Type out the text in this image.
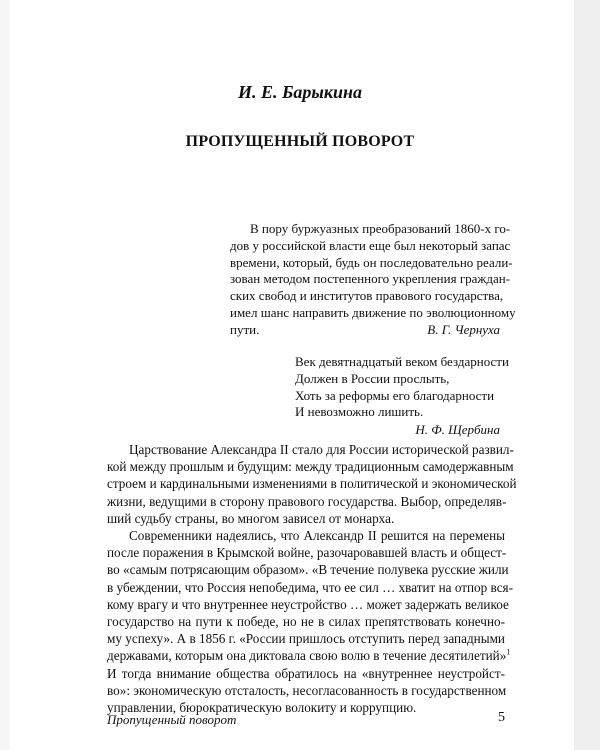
И. Е. Барыкина
ПРОПУЩЕННЫЙ ПОВОРОТ
В пору буржуазных преобразований 1860-х го-
дов у российской власти еще был некоторый запас
времени, который, будь он последовательно реали-
зован методом постепенного укрепления граждан-
ских свобод и институтов правового государства,
имел шанс направить движение по эволюционному
пути.	В. Г. Чернуха
Век девятнадцатый веком бездарности
Должен в России прослыть,
Хоть за реформы его благодарности
И невозможно лишить.
Н. Ф. Щербина
Царствование Александра II стало для России исторической развил-
кой между прошлым и будущим: между традиционным самодержавным
строем и кардинальными изменениями в политической и экономической
жизни, ведущими в сторону правового государства. Выбор, определяв-
ший судьбу страны, во многом зависел от монарха.
Современники надеялись, что Александр II решится на перемены
после поражения в Крымской войне, разочаровавшей власть и общест-
во «самым потрясающим образом». «В течение полувека русские жили
в убеждении, что Россия непобедима, что ее сил … хватит на отпор вся-
кому врагу и что внутреннее неустройство … может задержать великое
государство на пути к победе, но не в силах препятствовать конечно-
му успеху». А в 1856 г. «России пришлось отступить перед западными
державами, которым она диктовала свою волю в течение десятилетий»$^1$
И тогда внимание общества обратилось на «внутреннее неустройст-
во»: экономическую отсталость, несогласованность в государственном
управлении, бюрократическую волокиту и коррупцию.
Пропущенный поворот	5
